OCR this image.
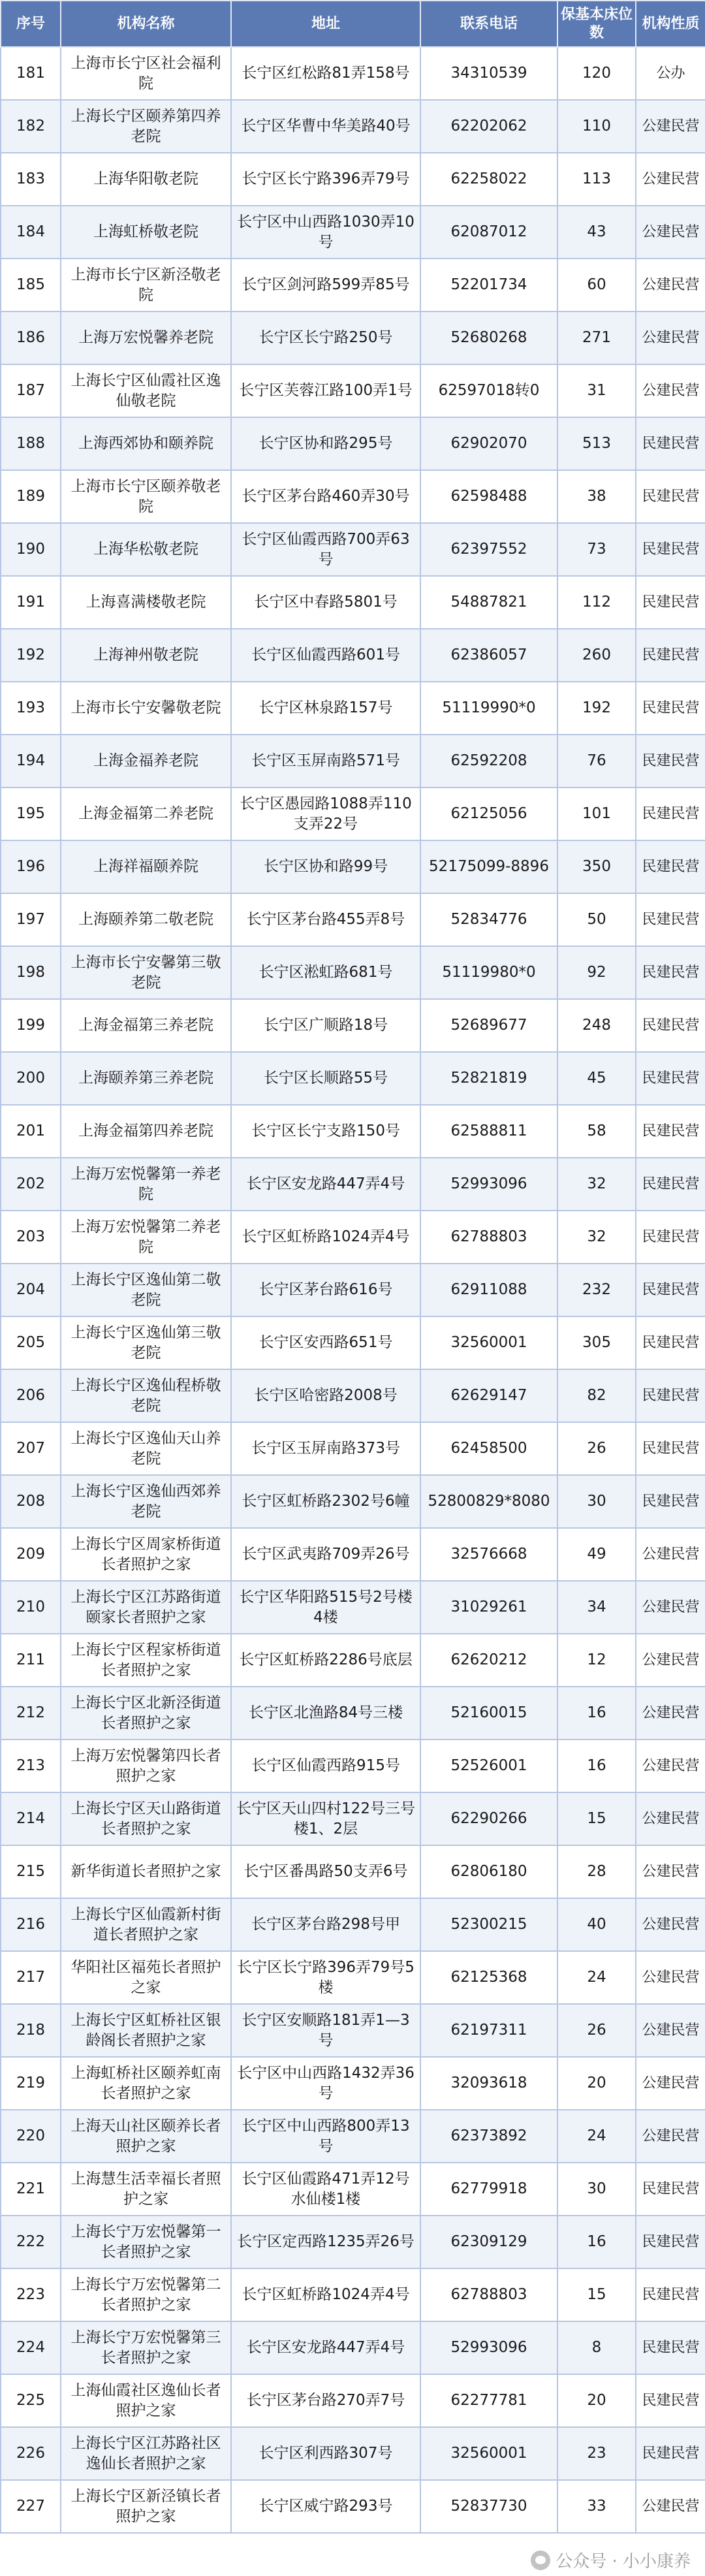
序号	机构名称	地址	联系电话	保基本床位数	机构性质
181	上海市长宁区社会福利院	长宁区红松路81弄158号	34310539	120	公办
182	上海长宁区颐养第四养老院	长宁区华曹中华美路40号	62202062	110	公建民营
183	上海华阳敬老院	长宁区长宁路396弄79号	62258022	113	公建民营
184	上海虹桥敬老院	长宁区中山西路1030弄10号	62087012	43	公建民营
185	上海市长宁区新泾敬老院	长宁区剑河路599弄85号	52201734	60	公建民营
186	上海万宏悦馨养老院	长宁区长宁路250号	52680268	271	公建民营
187	上海长宁区仙霞社区逸仙敬老院	长宁区芙蓉江路100弄1号	62597018转0	31	公建民营
188	上海西郊协和颐养院	长宁区协和路295号	62902070	513	民建民营
189	上海市长宁区颐养敬老院	长宁区茅台路460弄30号	62598488	38	民建民营
190	上海华松敬老院	长宁区仙霞西路700弄63号	62397552	73	民建民营
191	上海喜满楼敬老院	长宁区中春路5801号	54887821	112	民建民营
192	上海神州敬老院	长宁区仙霞西路601号	62386057	260	民建民营
193	上海市长宁安馨敬老院	长宁区林泉路157号	51119990*0	192	民建民营
194	上海金福养老院	长宁区玉屏南路571号	62592208	76	民建民营
195	上海金福第二养老院	长宁区愚园路1088弄110支弄22号	62125056	101	民建民营
196	上海祥福颐养院	长宁区协和路99号	52175099-8896	350	民建民营
197	上海颐养第二敬老院	长宁区茅台路455弄8号	52834776	50	民建民营
198	上海市长宁安馨第三敬老院	长宁区淞虹路681号	51119980*0	92	民建民营
199	上海金福第三养老院	长宁区广顺路18号	52689677	248	民建民营
200	上海颐养第三养老院	长宁区长顺路55号	52821819	45	民建民营
201	上海金福第四养老院	长宁区长宁支路150号	62588811	58	民建民营
202	上海万宏悦馨第一养老院	长宁区安龙路447弄4号	52993096	32	民建民营
203	上海万宏悦馨第二养老院	长宁区虹桥路1024弄4号	62788803	32	民建民营
204	上海长宁区逸仙第二敬老院	长宁区茅台路616号	62911088	232	民建民营
205	上海长宁区逸仙第三敬老院	长宁区安西路651号	32560001	305	民建民营
206	上海长宁区逸仙程桥敬老院	长宁区哈密路2008号	62629147	82	民建民营
207	上海长宁区逸仙天山养老院	长宁区玉屏南路373号	62458500	26	民建民营
208	上海长宁区逸仙西郊养老院	长宁区虹桥路2302号6幢	52800829*8080	30	民建民营
209	上海长宁区周家桥街道长者照护之家	长宁区武夷路709弄26号	32576668	49	公建民营
210	上海长宁区江苏路街道颐家长者照护之家	长宁区华阳路515号2号楼4楼	31029261	34	公建民营
211	上海长宁区程家桥街道长者照护之家	长宁区虹桥路2286号底层	62620212	12	公建民营
212	上海长宁区北新泾街道长者照护之家	长宁区北渔路84号三楼	52160015	16	公建民营
213	上海万宏悦馨第四长者照护之家	长宁区仙霞西路915号	52526001	16	公建民营
214	上海长宁区天山路街道长者照护之家	长宁区天山四村122号三号楼1、2层	62290266	15	公建民营
215	新华街道长者照护之家	长宁区番禺路50支弄6号	62806180	28	公建民营
216	上海长宁区仙霞新村街道长者照护之家	长宁区茅台路298号甲	52300215	40	公建民营
217	华阳社区福苑长者照护之家	长宁区长宁路396弄79号5楼	62125368	24	公建民营
218	上海长宁区虹桥社区银龄阁长者照护之家	长宁区安顺路181弄1—3号	62197311	26	公建民营
219	上海虹桥社区颐养虹南长者照护之家	长宁区中山西路1432弄36号	32093618	20	公建民营
220	上海天山社区颐养长者照护之家	长宁区中山西路800弄13号	62373892	24	公建民营
221	上海慧生活幸福长者照护之家	长宁区仙霞路471弄12号水仙楼1楼	62779918	30	民建民营
222	上海长宁万宏悦馨第一长者照护之家	长宁区定西路1235弄26号	62309129	16	民建民营
223	上海长宁万宏悦馨第二长者照护之家	长宁区虹桥路1024弄4号	62788803	15	民建民营
224	上海长宁万宏悦馨第三长者照护之家	长宁区安龙路447弄4号	52993096	8	民建民营
225	上海仙霞社区逸仙长者照护之家	长宁区茅台路270弄7号	62277781	20	民建民营
226	上海长宁区江苏路社区逸仙长者照护之家	长宁区利西路307号	32560001	23	民建民营
227	上海长宁区新泾镇长者照护之家	长宁区威宁路293号	52837730	33	公建民营
公众号 · 小小康养
